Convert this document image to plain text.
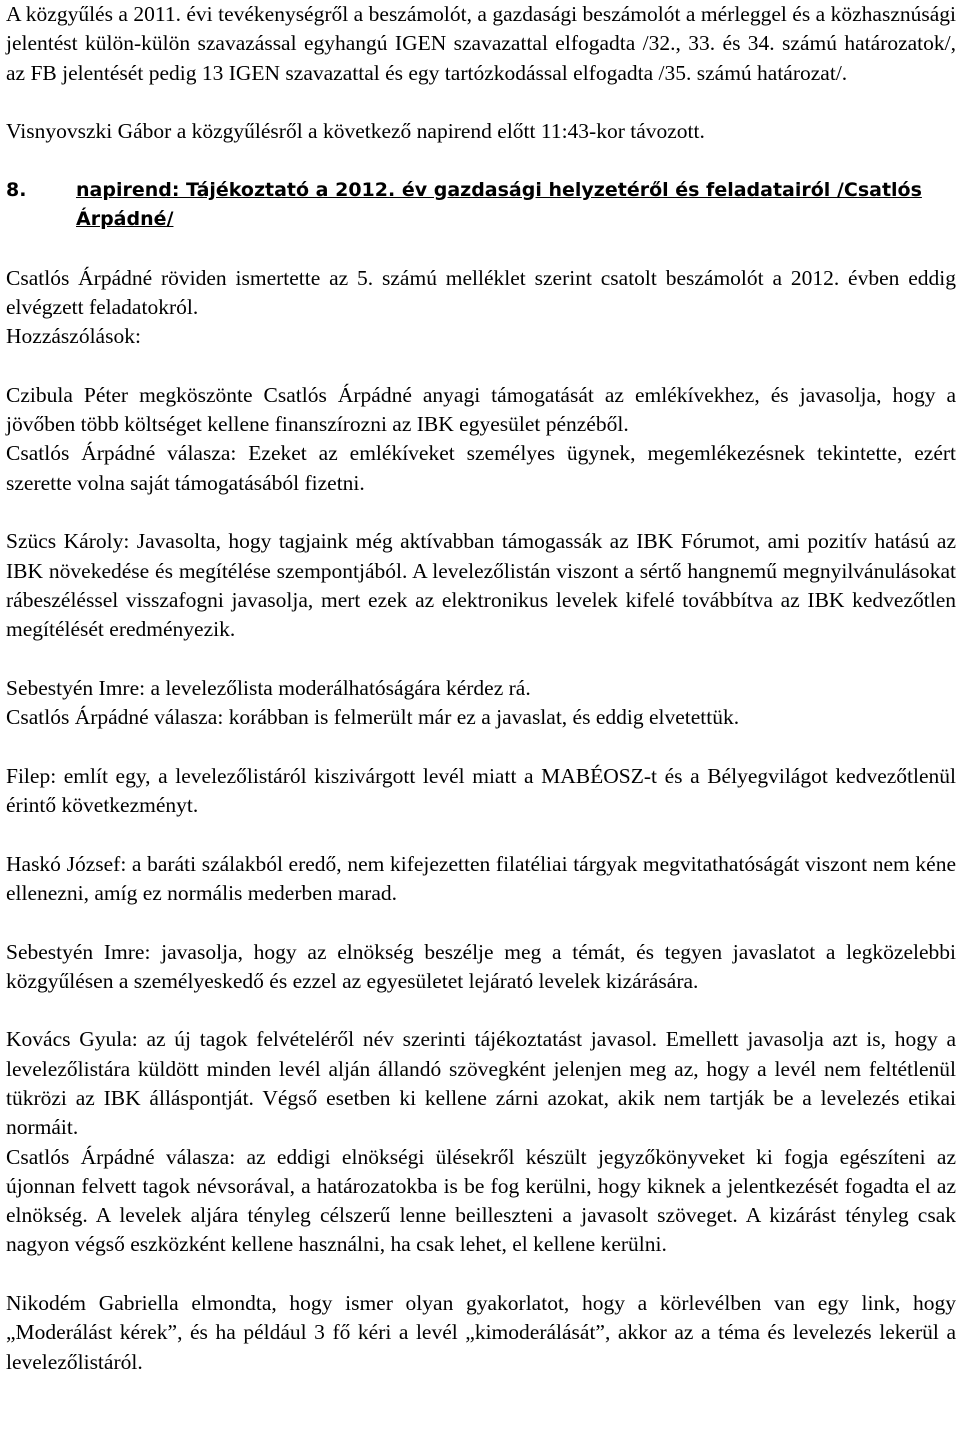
A közgyűlés a 2011. évi tevékenységről a beszámolót, a gazdasági beszámolót a mérleggel és a közhasznúsági jelentést külön-külön szavazással egyhangú IGEN szavazattal elfogadta /32., 33. és 34. számú határozatok/, az FB jelentését pedig 13 IGEN szavazattal és egy tartózkodással elfogadta /35. számú határozat/.

Visnyovszki Gábor a közgyűlésről a következő napirend előtt 11:43-kor távozott.

8.	napirend: Tájékoztató a 2012. év gazdasági helyzetéről és feladatairól /Csatlós

Árpádné/

Csatlós Árpádné röviden ismertette az 5. számú melléklet szerint csatolt beszámolót a 2012. évben eddig elvégzett feladatokról.

Hozzászólások:

Czibula Péter megköszönte Csatlós Árpádné anyagi támogatását az emlékívekhez, és javasolja, hogy a jövőben több költséget kellene finanszírozni az IBK egyesület pénzéből.

Csatlós Árpádné válasza: Ezeket az emlékíveket személyes ügynek, megemlékezésnek tekintette, ezért szerette volna saját támogatásából fizetni.

Szücs Károly: Javasolta, hogy tagjaink még aktívabban támogassák az IBK Fórumot, ami pozitív hatású az IBK növekedése és megítélése szempontjából. A levelezőlistán viszont a sértő hangnemű megnyilvánulásokat rábeszéléssel visszafogni javasolja, mert ezek az elektronikus levelek kifelé továbbítva az IBK kedvezőtlen megítélését eredményezik.

Sebestyén Imre: a levelezőlista moderálhatóságára kérdez rá.

Csatlós Árpádné válasza: korábban is felmerült már ez a javaslat, és eddig elvetettük.

Filep: említ egy, a levelezőlistáról kiszivárgott levél miatt a MABÉOSZ-t és a Bélyegvilágot kedvezőtlenül érintő következményt.

Haskó József: a baráti szálakból eredő, nem kifejezetten filatéliai tárgyak megvitathatóságát viszont nem kéne ellenezni, amíg ez normális mederben marad.

Sebestyén Imre: javasolja, hogy az elnökség beszélje meg a témát, és tegyen javaslatot a legközelebbi közgyűlésen a személyeskedő és ezzel az egyesületet lejárató levelek kizárására.

Kovács Gyula: az új tagok felvételéről név szerinti tájékoztatást javasol. Emellett javasolja azt is, hogy a levelezőlistára küldött minden levél alján állandó szövegként jelenjen meg az, hogy a levél nem feltétlenül tükrözi az IBK álláspontját. Végső esetben ki kellene zárni azokat, akik nem tartják be a levelezés etikai normáit.

Csatlós Árpádné válasza: az eddigi elnökségi ülésekről készült jegyzőkönyveket ki fogja egészíteni az újonnan felvett tagok névsorával, a határozatokba is be fog kerülni, hogy kiknek a jelentkezését fogadta el az elnökség. A levelek aljára tényleg célszerű lenne beillesztenі a javasolt szöveget. A kizárást tényleg csak nagyon végső eszközként kellene használni, ha csak lehet, el kellene kerülni.

Nikodém Gabriella elmondta, hogy ismer olyan gyakorlatot, hogy a körlevélben van egy link, hogy „Moderálást kérek”, és ha például 3 fő kéri a levél „kimoderálását”, akkor az a téma és levelezés lekerül a levelezőlistáról.
